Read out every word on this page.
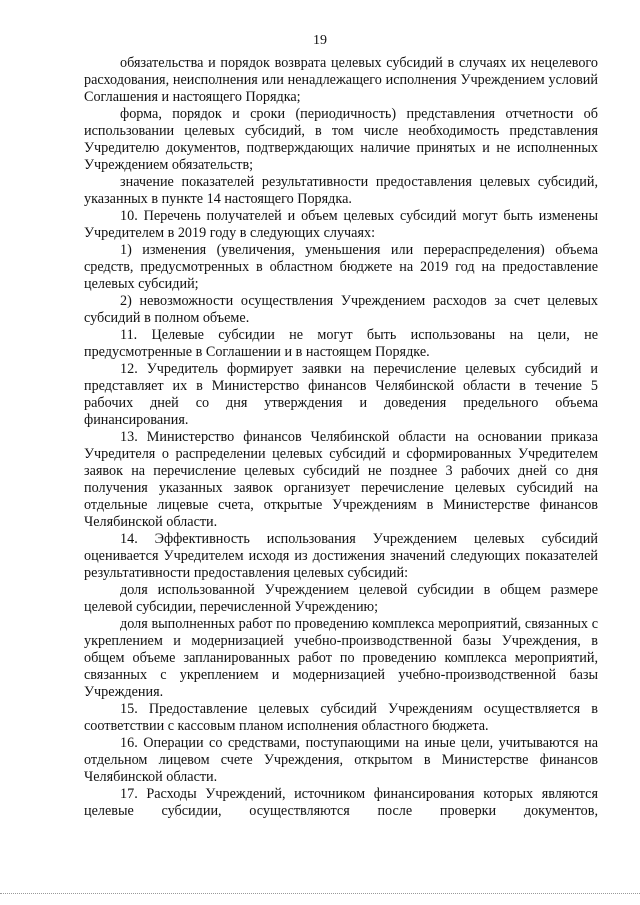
19

обязательства и порядок возврата целевых субсидий в случаях их нецелевого расходования, неисполнения или ненадлежащего исполнения Учреждением условий Соглашения и настоящего Порядка;

форма, порядок и сроки (периодичность) представления отчетности об использовании целевых субсидий, в том числе необходимость представления Учредителю документов, подтверждающих наличие принятых и не исполненных Учреждением обязательств;

значение показателей результативности предоставления целевых субсидий, указанных в пункте 14 настоящего Порядка.

10. Перечень получателей и объем целевых субсидий могут быть изменены Учредителем в 2019 году в следующих случаях:

1) изменения (увеличения, уменьшения или перераспределения) объема средств, предусмотренных в областном бюджете на 2019 год на предоставление целевых субсидий;

2) невозможности осуществления Учреждением расходов за счет целевых субсидий в полном объеме.

11. Целевые субсидии не могут быть использованы на цели, не предусмотренные в Соглашении и в настоящем Порядке.

12. Учредитель формирует заявки на перечисление целевых субсидий и представляет их в Министерство финансов Челябинской области в течение 5 рабочих дней со дня утверждения и доведения предельного объема финансирования.

13. Министерство финансов Челябинской области на основании приказа Учредителя о распределении целевых субсидий и сформированных Учредителем заявок на перечисление целевых субсидий не позднее 3 рабочих дней со дня получения указанных заявок организует перечисление целевых субсидий на отдельные лицевые счета, открытые Учреждениям в Министерстве финансов Челябинской области.

14. Эффективность использования Учреждением целевых субсидий оценивается Учредителем исходя из достижения значений следующих показателей результативности предоставления целевых субсидий:

доля использованной Учреждением целевой субсидии в общем размере целевой субсидии, перечисленной Учреждению;

доля выполненных работ по проведению комплекса мероприятий, связанных с укреплением и модернизацией учебно-производственной базы Учреждения, в общем объеме запланированных работ по проведению комплекса мероприятий, связанных с укреплением и модернизацией учебно-производственной базы Учреждения.

15. Предоставление целевых субсидий Учреждениям осуществляется в соответствии с кассовым планом исполнения областного бюджета.

16. Операции со средствами, поступающими на иные цели, учитываются на отдельном лицевом счете Учреждения, открытом в Министерстве финансов Челябинской области.

17. Расходы Учреждений, источником финансирования которых являются целевые субсидии, осуществляются после проверки документов,
